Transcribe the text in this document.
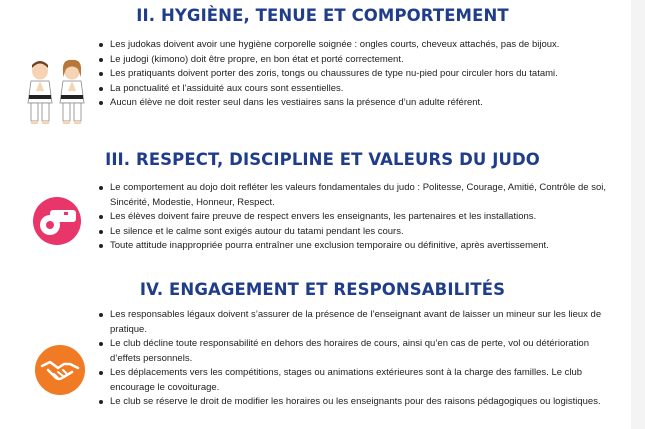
II. HYGIÈNE, TENUE ET COMPORTEMENT
Les judokas doivent avoir une hygiène corporelle soignée : ongles courts, cheveux attachés, pas de bijoux.
Le judogi (kimono) doit être propre, en bon état et porté correctement.
Les pratiquants doivent porter des zoris, tongs ou chaussures de type nu-pied pour circuler hors du tatami.
La ponctualité et l’assiduité aux cours sont essentielles.
Aucun élève ne doit rester seul dans les vestiaires sans la présence d’un adulte référent.
III. RESPECT, DISCIPLINE ET VALEURS DU JUDO
Le comportement au dojo doit refléter les valeurs fondamentales du judo : Politesse, Courage, Amitié, Contrôle de soi, Sincérité, Modestie, Honneur, Respect.
Les élèves doivent faire preuve de respect envers les enseignants, les partenaires et les installations.
Le silence et le calme sont exigés autour du tatami pendant les cours.
Toute attitude inappropriée pourra entraîner une exclusion temporaire ou définitive, après avertissement.
IV. ENGAGEMENT ET RESPONSABILITÉS
Les responsables légaux doivent s’assurer de la présence de l’enseignant avant de laisser un mineur sur les lieux de pratique.
Le club décline toute responsabilité en dehors des horaires de cours, ainsi qu’en cas de perte, vol ou détérioration d’effets personnels.
Les déplacements vers les compétitions, stages ou animations extérieures sont à la charge des familles. Le club encourage le covoiturage.
Le club se réserve le droit de modifier les horaires ou les enseignants pour des raisons pédagogiques ou logistiques.
